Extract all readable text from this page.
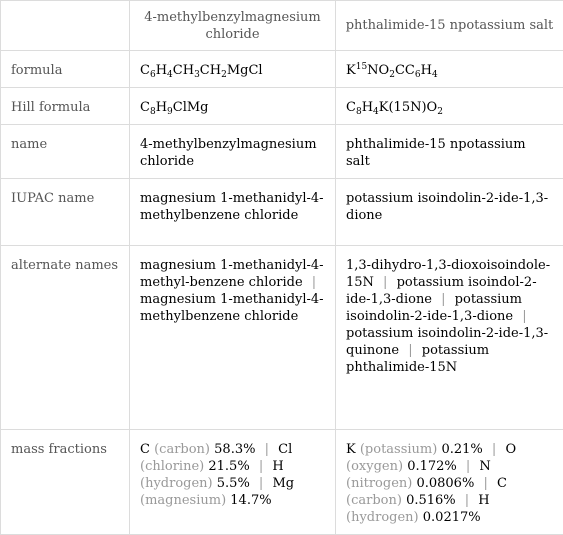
	4-methylbenzylmagnesium chloride	phthalimide-15 npotassium salt
formula	$C_6H_4CH_3CH_2MgCl$	$K^{15}NO_2CC_6H_4$
Hill formula	$C_8H_9ClMg$	$C_8H_4K(15N)O_2$
name	4-methylbenzylmagnesium chloride	phthalimide-15 npotassium salt
IUPAC name	magnesium 1-methanidyl-4-methylbenzene chloride	potassium isoindolin-2-ide-1,3-dione
alternate names	magnesium 1-methanidyl-4-methyl-benzene chloride | magnesium 1-methanidyl-4-methylbenzene chloride	1,3-dihydro-1,3-dioxoisoindole-15N | potassium isoindol-2-ide-1,3-dione | potassium isoindolin-2-ide-1,3-dione | potassium isoindolin-2-ide-1,3-quinone | potassium phthalimide-15N
mass fractions	C (carbon) 58.3% | Cl (chlorine) 21.5% | H (hydrogen) 5.5% | Mg (magnesium) 14.7%	K (potassium) 0.21% | O (oxygen) 0.172% | N (nitrogen) 0.0806% | C (carbon) 0.516% | H (hydrogen) 0.0217%
